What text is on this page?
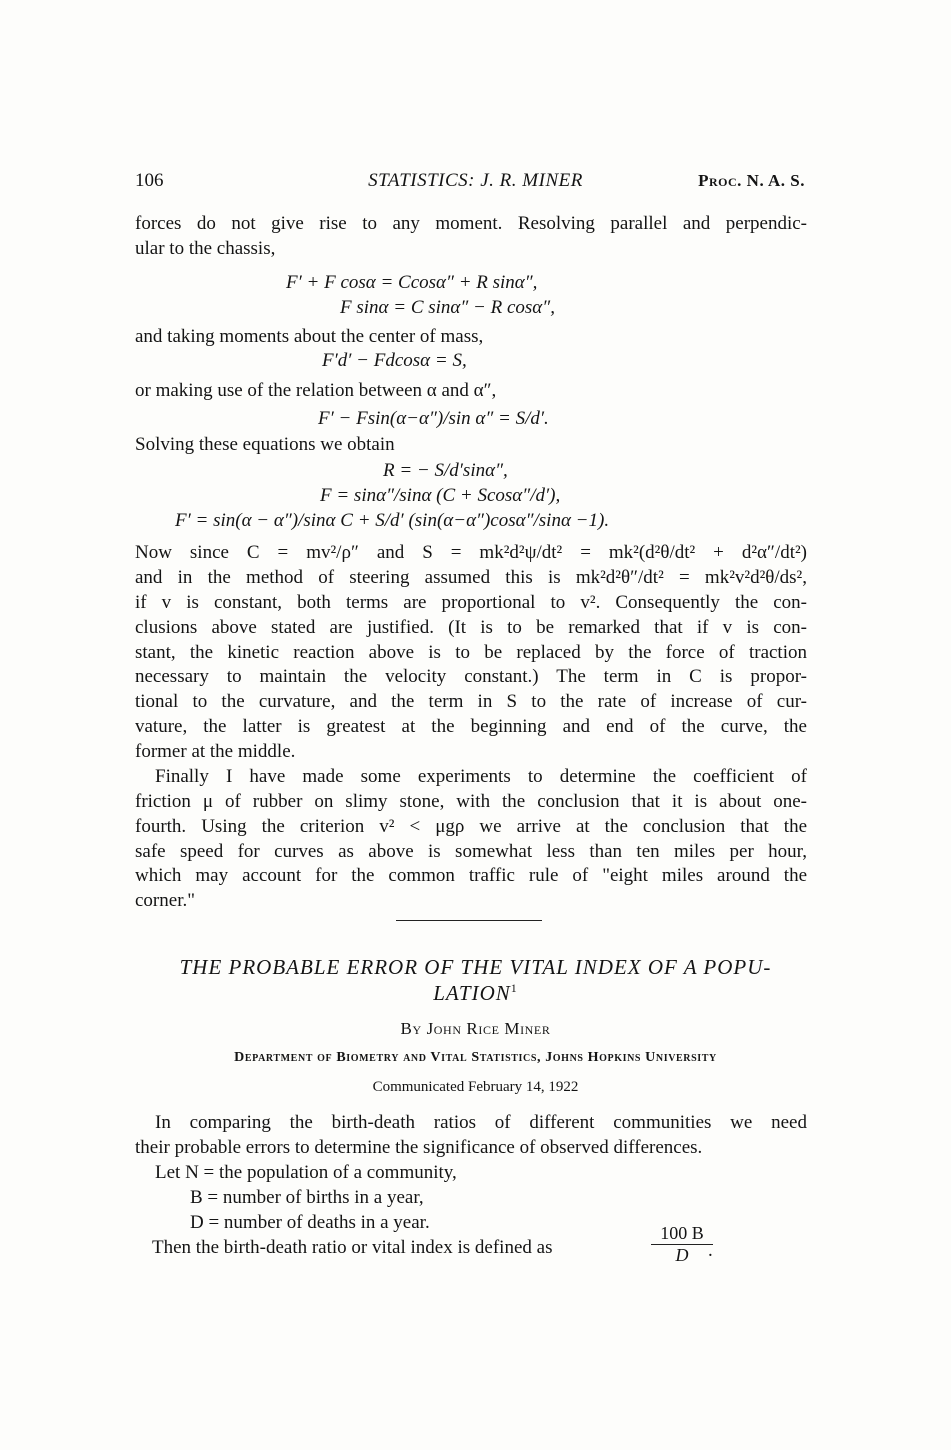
106	STATISTICS: J. R. MINER	Proc. N. A. S.
forces do not give rise to any moment. Resolving parallel and perpendic-
ular to the chassis,
F′ + F cosα = Ccosα″ + R sinα″,
F sinα = C sinα″ − R cosα″,
and taking moments about the center of mass,
F′d′ − Fdcosα = S,
or making use of the relation between α and α″,
F′ − Fsin(α−α″)/sin α″ = S/d′.
Solving these equations we obtain
R = − S/d′sinα″,
F = sinα″/sinα (C + Scosα″/d′),
F′ = sin(α − α″)/sinα C + S/d′ (sin(α−α″)cosα″/sinα −1).
Now since C = mv²/ρ″ and S = mk²d²ψ/dt² = mk²(d²θ/dt² + d²α″/dt²)
and in the method of steering assumed this is mk²d²θ″/dt² = mk²v²d²θ/ds²,
if v is constant, both terms are proportional to v². Consequently the con-
clusions above stated are justified. (It is to be remarked that if v is con-
stant, the kinetic reaction above is to be replaced by the force of traction
necessary to maintain the velocity constant.) The term in C is propor-
tional to the curvature, and the term in S to the rate of increase of cur-
vature, the latter is greatest at the beginning and end of the curve, the
former at the middle.
Finally I have made some experiments to determine the coefficient of
friction μ of rubber on slimy stone, with the conclusion that it is about one-
fourth. Using the criterion v² < μgρ we arrive at the conclusion that the
safe speed for curves as above is somewhat less than ten miles per hour,
which may account for the common traffic rule of "eight miles around the
corner."
THE PROBABLE ERROR OF THE VITAL INDEX OF A POPU-
LATION$^1$
By John Rice Miner
Department of Biometry and Vital Statistics, Johns Hopkins University
Communicated February 14, 1922
In comparing the birth-death ratios of different communities we need
their probable errors to determine the significance of observed differences.
Let N = the population of a community,
B = number of births in a year,
D = number of deaths in a year.
Then the birth-death ratio or vital index is defined as	$\frac{100 B}{D}$
.
